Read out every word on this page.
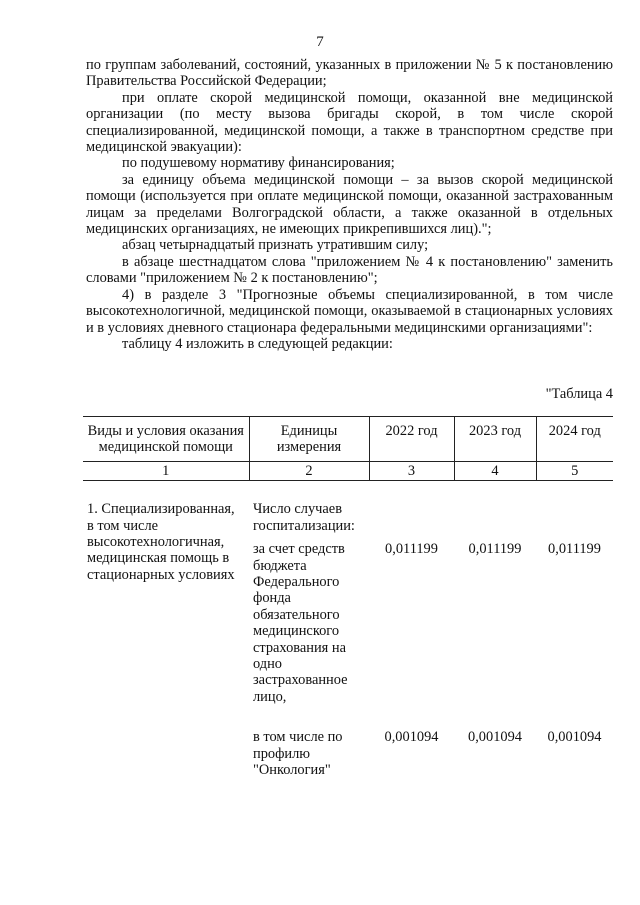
7

по группам заболеваний, состояний, указанных в приложении № 5 к постановлению Правительства Российской Федерации;

при оплате скорой медицинской помощи, оказанной вне медицинской организации (по месту вызова бригады скорой, в том числе скорой специализированной, медицинской помощи, а также в транспортном средстве при медицинской эвакуации):

по подушевому нормативу финансирования;

за единицу объема медицинской помощи – за вызов скорой медицинской помощи (используется при оплате медицинской помощи, оказанной застрахованным лицам за пределами Волгоградской области, а также оказанной в отдельных медицинских организациях, не имеющих прикрепившихся лиц).";

абзац четырнадцатый признать утратившим силу;

в абзаце шестнадцатом слова "приложением № 4 к постановлению" заменить словами "приложением № 2 к постановлению";

4) в разделе 3 "Прогнозные объемы специализированной, в том числе высокотехнологичной, медицинской помощи, оказываемой в стационарных условиях и в условиях дневного стационара федеральными медицинскими организациями":

таблицу 4 изложить в следующей редакции:

"Таблица 4
Виды и условия оказания медицинской помощи	Единицы измерения	2022 год	2023 год	2024 год
1	2	3	4	5
1. Специализированная, в том числе высокотехнологичная, медицинская помощь в стационарных условиях	Число случаев госпитализации:			
	за счет средств бюджета Федерального фонда обязательного медицинского страхования на одно застрахованное лицо,	0,011199	0,011199	0,011199
	в том числе по профилю "Онкология"	0,001094	0,001094	0,001094
